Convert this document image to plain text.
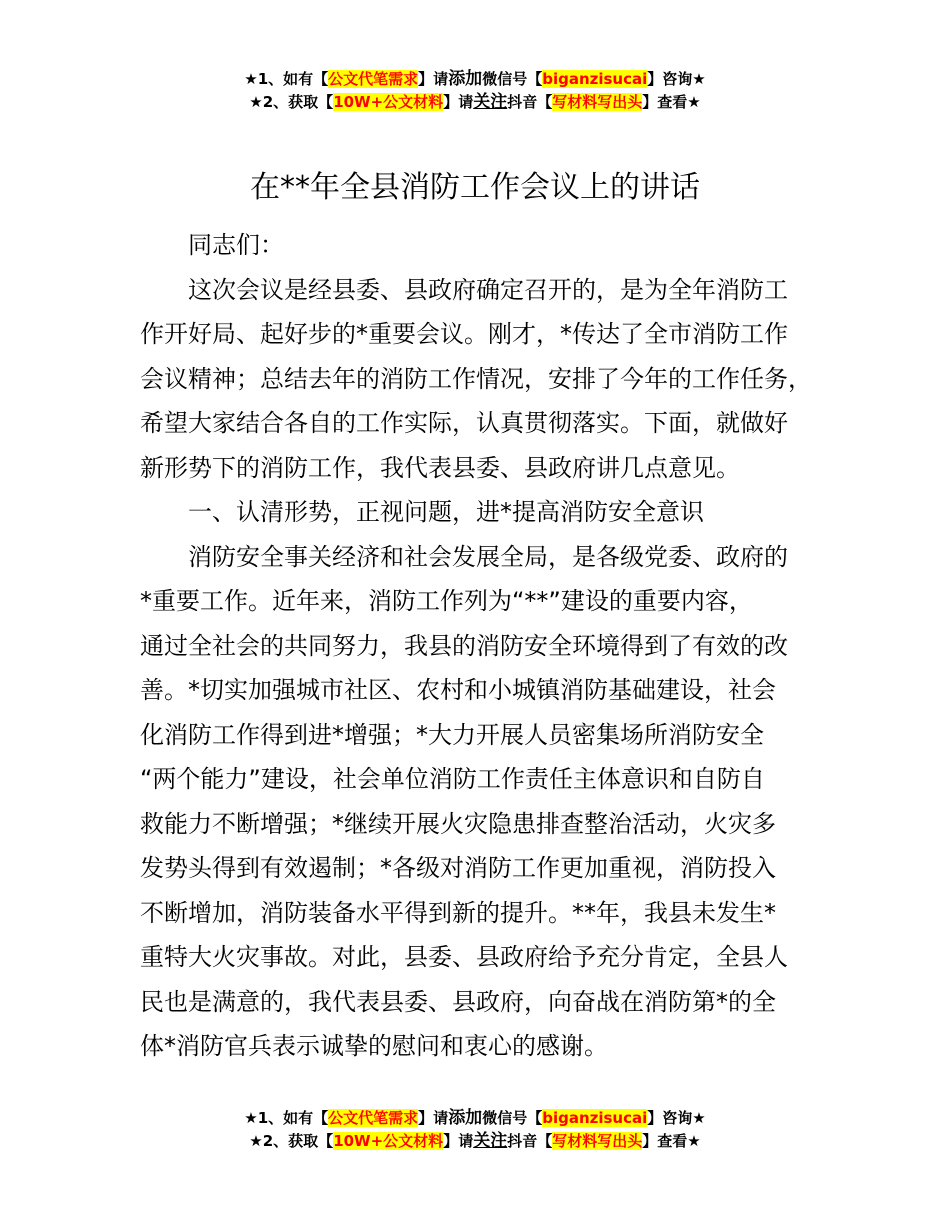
★1、如有【公文代笔需求】请添加微信号【biganzisucai】咨询★
★2、获取【10W+公文材料】请关注抖音【写材料写出头】查看★
在**年全县消防工作会议上的讲话

同志们：

这次会议是经县委、县政府确定召开的，是为全年消防工
作开好局、起好步的*重要会议。刚才，*传达了全市消防工作
会议精神；总结去年的消防工作情况，安排了今年的工作任务，
希望大家结合各自的工作实际，认真贯彻落实。下面，就做好
新形势下的消防工作，我代表县委、县政府讲几点意见。

一、认清形势，正视问题，进*提高消防安全意识

消防安全事关经济和社会发展全局，是各级党委、政府的
*重要工作。近年来，消防工作列为“**”建设的重要内容，
通过全社会的共同努力，我县的消防安全环境得到了有效的改
善。*切实加强城市社区、农村和小城镇消防基础建设，社会
化消防工作得到进*增强；*大力开展人员密集场所消防安全
“两个能力”建设，社会单位消防工作责任主体意识和自防自
救能力不断增强；*继续开展火灾隐患排查整治活动，火灾多
发势头得到有效遏制；*各级对消防工作更加重视，消防投入
不断增加，消防装备水平得到新的提升。**年，我县未发生*
重特大火灾事故。对此，县委、县政府给予充分肯定，全县人
民也是满意的，我代表县委、县政府，向奋战在消防第*的全
体*消防官兵表示诚挚的慰问和衷心的感谢。

★1、如有【公文代笔需求】请添加微信号【biganzisucai】咨询★
★2、获取【10W+公文材料】请关注抖音【写材料写出头】查看★
